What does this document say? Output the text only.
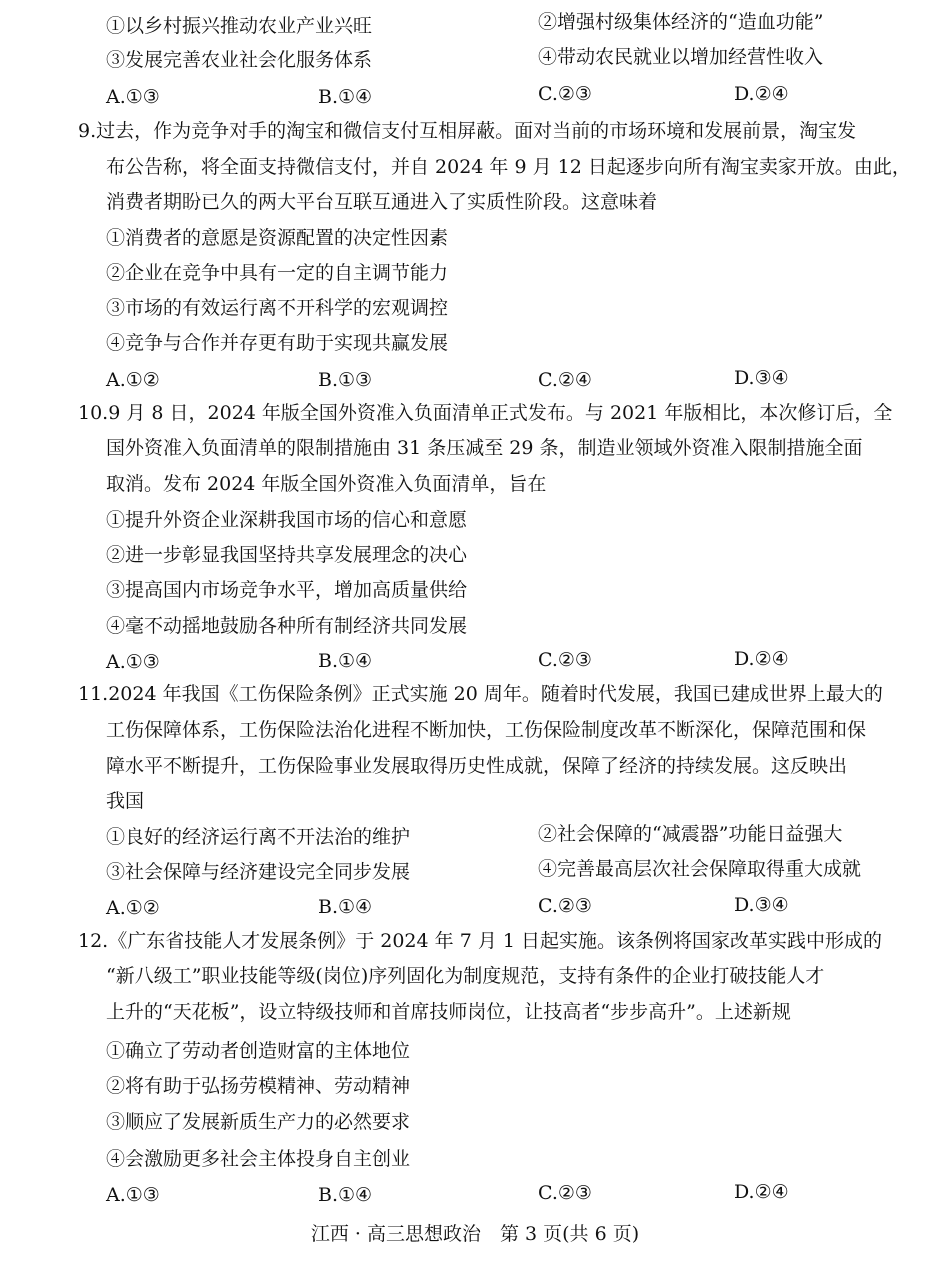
①以乡村振兴推动农业产业兴旺	②增强村级集体经济的“造血功能”
③发展完善农业社会化服务体系	④带动农民就业以增加经营性收入
A.①③	B.①④	C.②③	D.②④
9.过去，作为竞争对手的淘宝和微信支付互相屏蔽。面对当前的市场环境和发展前景，淘宝发
布公告称，将全面支持微信支付，并自 2024 年 9 月 12 日起逐步向所有淘宝卖家开放。由此，
消费者期盼已久的两大平台互联互通进入了实质性阶段。这意味着
①消费者的意愿是资源配置的决定性因素
②企业在竞争中具有一定的自主调节能力
③市场的有效运行离不开科学的宏观调控
④竞争与合作并存更有助于实现共赢发展
A.①②	B.①③	C.②④	D.③④
10.9 月 8 日，2024 年版全国外资准入负面清单正式发布。与 2021 年版相比，本次修订后，全
国外资准入负面清单的限制措施由 31 条压减至 29 条，制造业领域外资准入限制措施全面
取消。发布 2024 年版全国外资准入负面清单，旨在
①提升外资企业深耕我国市场的信心和意愿
②进一步彰显我国坚持共享发展理念的决心
③提高国内市场竞争水平，增加高质量供给
④毫不动摇地鼓励各种所有制经济共同发展
A.①③	B.①④	C.②③	D.②④
11.2024 年我国《工伤保险条例》正式实施 20 周年。随着时代发展，我国已建成世界上最大的
工伤保障体系，工伤保险法治化进程不断加快，工伤保险制度改革不断深化，保障范围和保
障水平不断提升，工伤保险事业发展取得历史性成就，保障了经济的持续发展。这反映出
我国
①良好的经济运行离不开法治的维护	②社会保障的“减震器”功能日益强大
③社会保障与经济建设完全同步发展	④完善最高层次社会保障取得重大成就
A.①②	B.①④	C.②③	D.③④
12.《广东省技能人才发展条例》于 2024 年 7 月 1 日起实施。该条例将国家改革实践中形成的
“新八级工”职业技能等级(岗位)序列固化为制度规范，支持有条件的企业打破技能人才
上升的“天花板”，设立特级技师和首席技师岗位，让技高者“步步高升”。上述新规
①确立了劳动者创造财富的主体地位
②将有助于弘扬劳模精神、劳动精神
③顺应了发展新质生产力的必然要求
④会激励更多社会主体投身自主创业
A.①③	B.①④	C.②③	D.②④
江西 · 高三思想政治　第 3 页(共 6 页)
